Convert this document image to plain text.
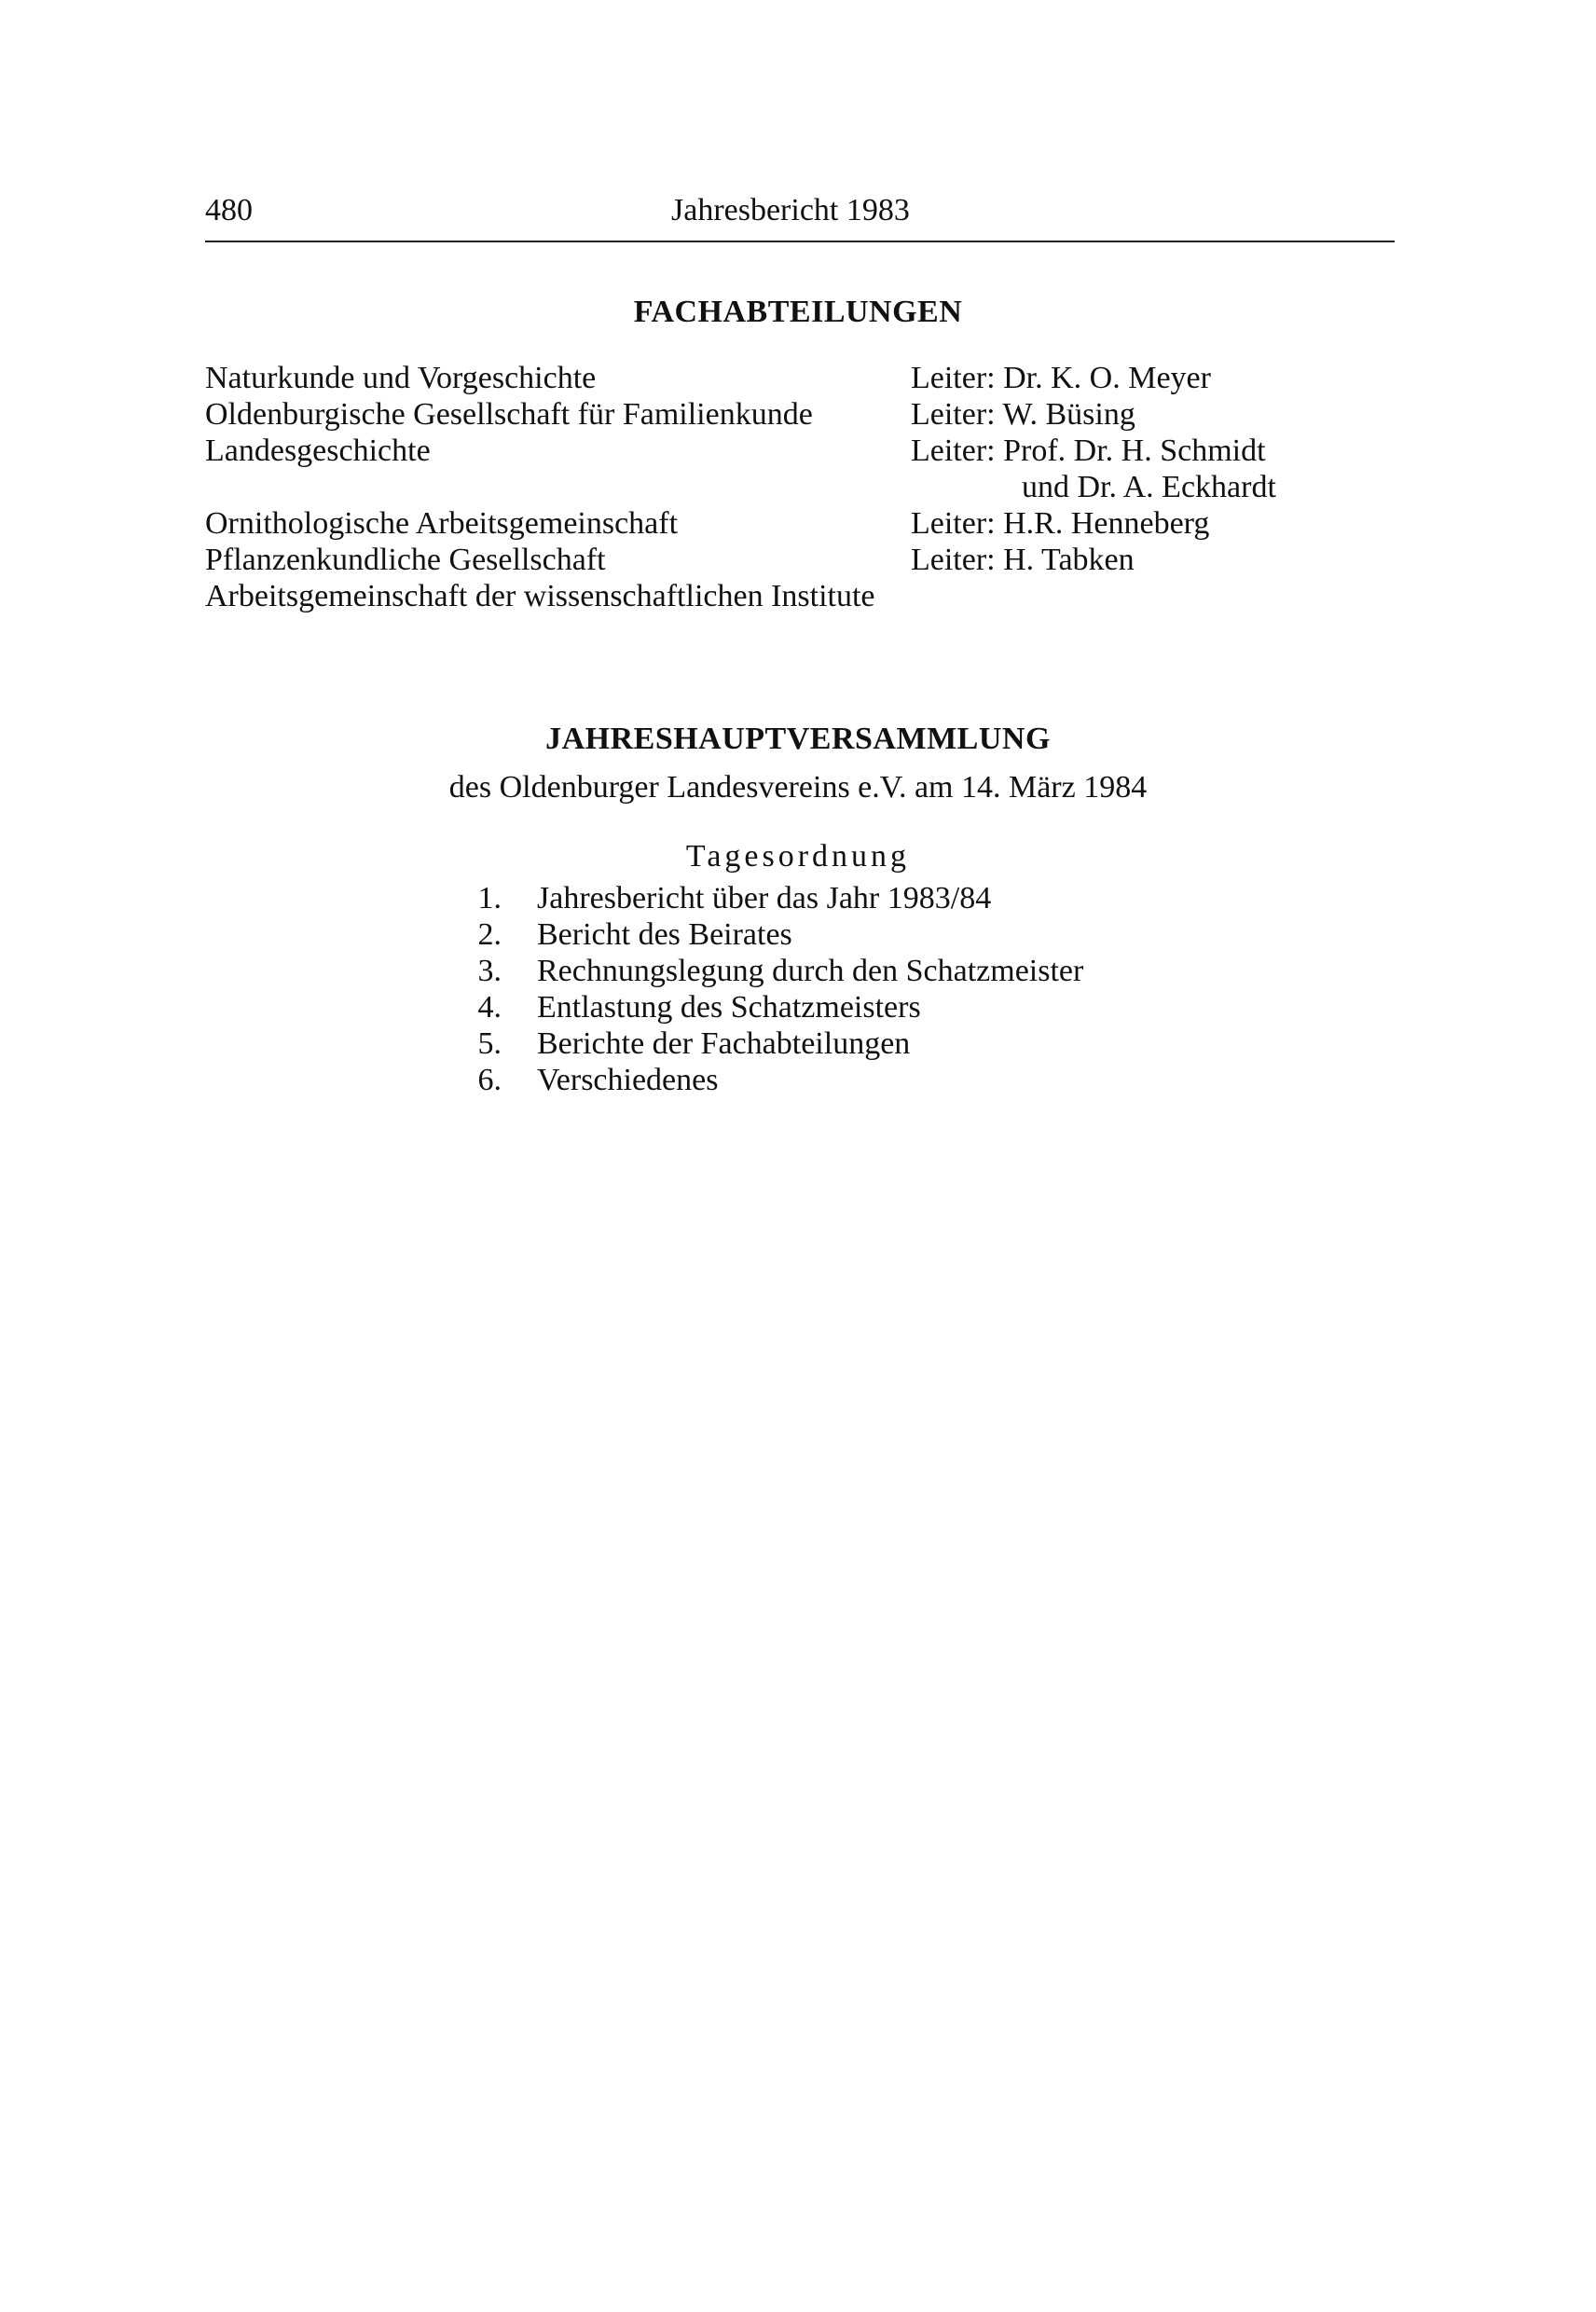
480	Jahresbericht 1983
FACHABTEILUNGEN
Naturkunde und Vorgeschichte	Leiter: Dr. K. O. Meyer
Oldenburgische Gesellschaft für Familienkunde	Leiter: W. Büsing
Landesgeschichte	Leiter: Prof. Dr. H. Schmidt
und Dr. A. Eckhardt
Ornithologische Arbeitsgemeinschaft	Leiter: H.R. Henneberg
Pflanzenkundliche Gesellschaft	Leiter: H. Tabken
Arbeitsgemeinschaft der wissenschaftlichen Institute
JAHRESHAUPTVERSAMMLUNG
des Oldenburger Landesvereins e.V. am 14. März 1984
Tagesordnung
1. Jahresbericht über das Jahr 1983/84
2. Bericht des Beirates
3. Rechnungslegung durch den Schatzmeister
4. Entlastung des Schatzmeisters
5. Berichte der Fachabteilungen
6. Verschiedenes
